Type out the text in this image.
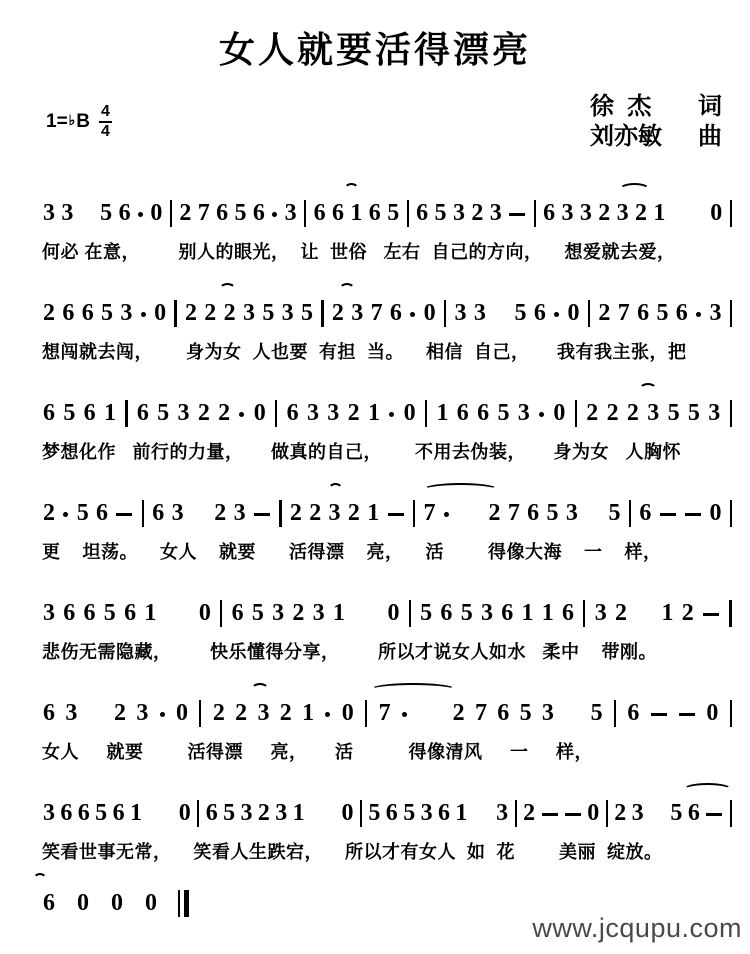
女人就要活得漂亮
1= ♭ B $\frac{4}{4}$	徐  杰 词
刘亦敏 曲
3 3 5 6 0 2 7 6 5 6 3 6 6 1 6 5 6 5 3 2 3 6 3 3 2 3 2 1 0
何必 在意，       别人的眼光，  让  世俗   左右  自己的方向，    想爱就去爱，
2 6 6 5 3 0 2 2 2 3 5 3 5 2 3 7 6 0 3 3 5 6 0 2 7 6 5 6 3
想闯就去闯，      身为女  人也要  有担  当。    相信  自己，     我有我主张，把
6 5 6 1 6 5 3 2 2 0 6 3 3 2 1 0 1 6 6 5 3 0 2 2 2 3 5 5 3
梦想化作   前行的力量，     做真的自己，      不用去伪装，     身为女   人胸怀
2 5 6 6 3 2 3 2 2 3 2 1 7 2 7 6 5 3 5 6 0
更    坦荡。    女人    就要      活得漂    亮，    活        得像大海    一    样，
3 6 6 5 6 1 0 6 5 3 2 3 1 0 5 6 5 3 6 1 1 6 3 2 1 2
悲伤无需隐藏，       快乐懂得分享，       所以才说女人如水   柔中    带刚。
6 3 2 3 0 2 2 3 2 1 0 7	2 7 6 5 3 5 6	0
女人     就要        活得漂     亮，     活          得像清风     一     样，
3 6 6 5 6 1 0 6 5 3 2 3 1 0 5 6 5 3 6 1 3 2 0 2 3 5 6
笑看世事无常，    笑看人生跌宕，    所以才有女人  如  花        美丽  绽放。
6 0 0 0
www.jcqupu.com
